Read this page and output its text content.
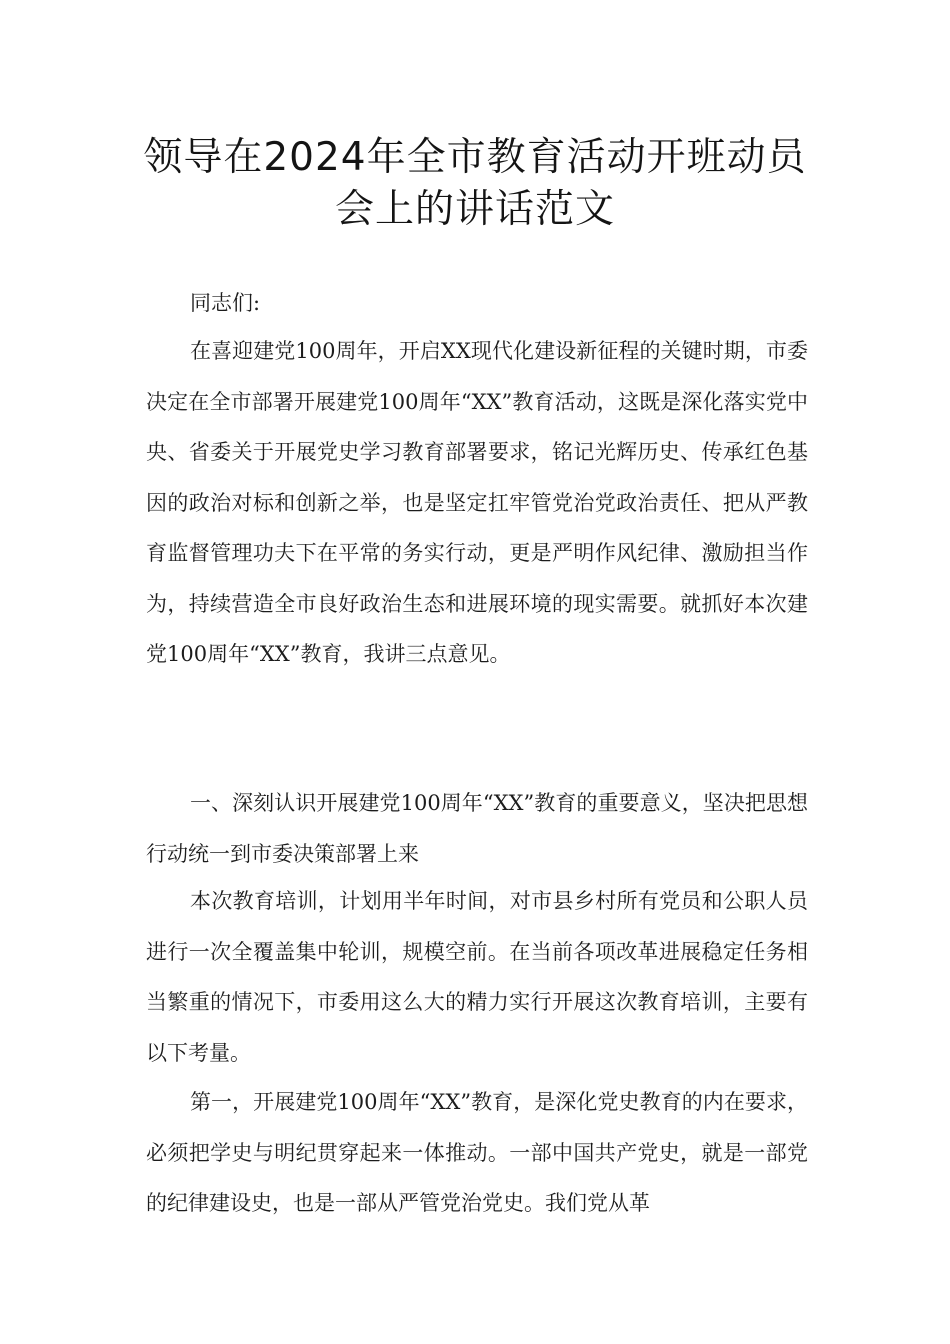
领导在2024年全市教育活动开班动员
会上的讲话范文

同志们:

在喜迎建党100周年，开启XX现代化建设新征程的关键时期，市委决定在全市部署开展建党100周年“XX”教育活动，这既是深化落实党中央、省委关于开展党史学习教育部署要求，铭记光辉历史、传承红色基因的政治对标和创新之举，也是坚定扛牢管党治党政治责任、把从严教育监督管理功夫下在平常的务实行动，更是严明作风纪律、激励担当作为，持续营造全市良好政治生态和进展环境的现实需要。就抓好本次建党100周年“XX”教育，我讲三点意见。

一、深刻认识开展建党100周年“XX”教育的重要意义，坚决把思想行动统一到市委决策部署上来

本次教育培训，计划用半年时间，对市县乡村所有党员和公职人员进行一次全覆盖集中轮训，规模空前。在当前各项改革进展稳定任务相当繁重的情况下，市委用这么大的精力实行开展这次教育培训，主要有以下考量。

第一，开展建党100周年“XX”教育，是深化党史教育的内在要求，必须把学史与明纪贯穿起来一体推动。一部中国共产党史，就是一部党的纪律建设史，也是一部从严管党治党史。我们党从革
